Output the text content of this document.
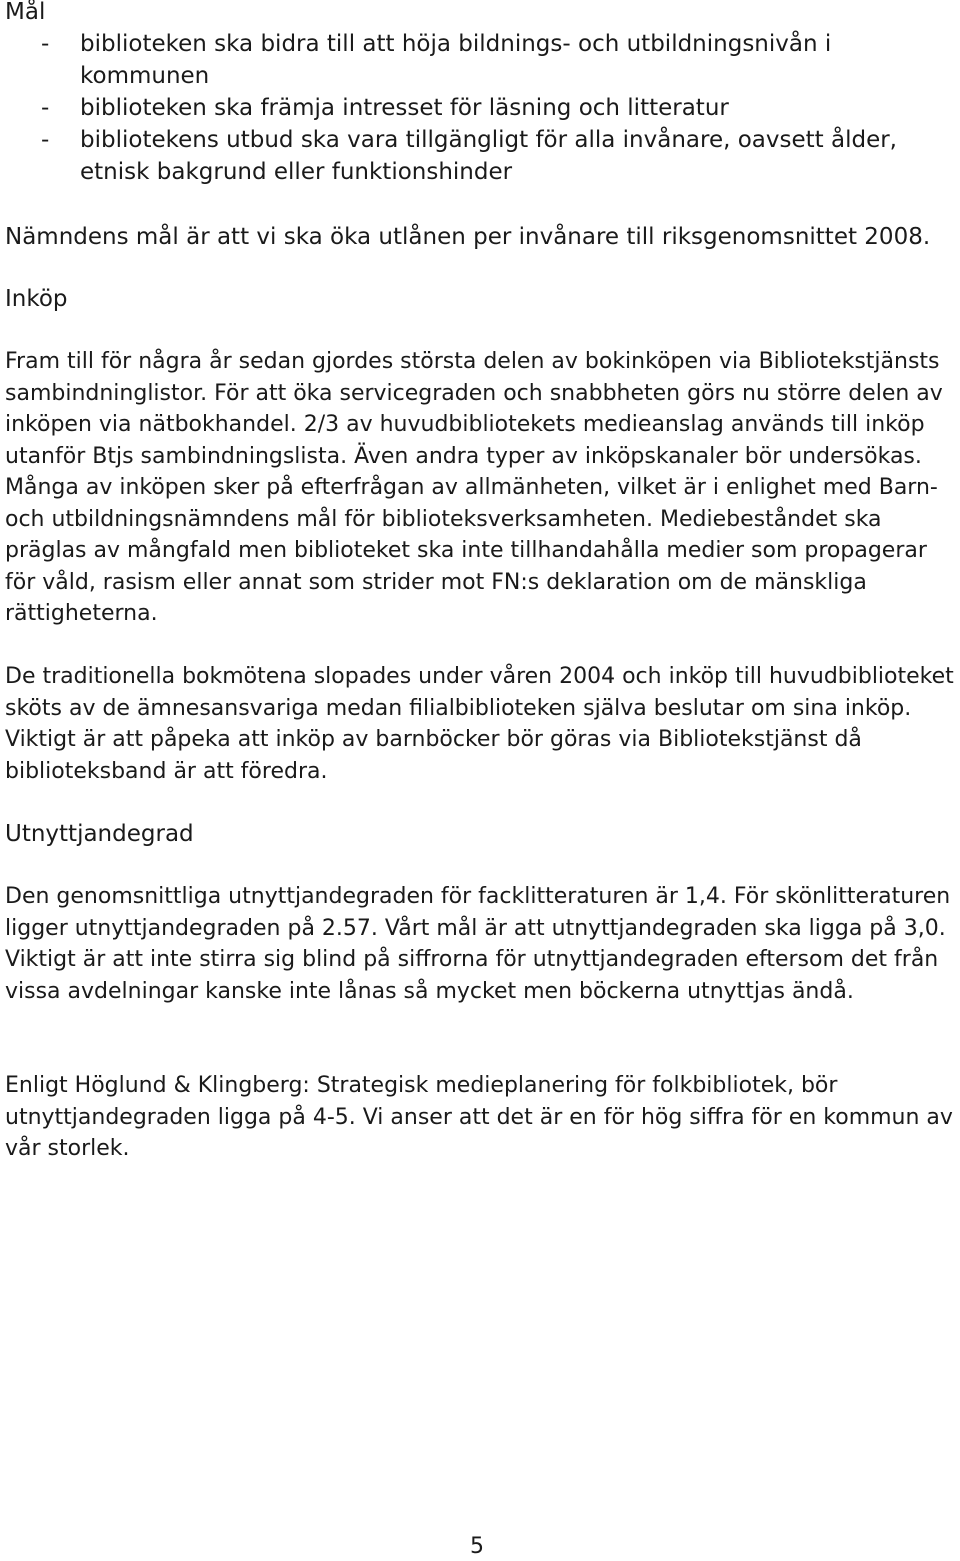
Mål
- biblioteken ska bidra till att höja bildnings- och utbildningsnivån i kommunen
- biblioteken ska främja intresset för läsning och litteratur
- bibliotekens utbud ska vara tillgängligt för alla invånare, oavsett ålder, etnisk bakgrund eller funktionshinder

Nämndens mål är att vi ska öka utlånen per invånare till riksgenomsnittet 2008.

Inköp

Fram till för några år sedan gjordes största delen av bokinköpen via Bibliotekstjänsts sambindninglistor. För att öka servicegraden och snabbheten görs nu större delen av inköpen via nätbokhandel. 2/3 av huvudbibliotekets medieanslag används till inköp utanför Btjs sambindningslista. Även andra typer av inköpskanaler bör undersökas. Många av inköpen sker på efterfrågan av allmänheten, vilket är i enlighet med Barn- och utbildningsnämndens mål för biblioteksverksamheten. Mediebeståndet ska präglas av mångfald men biblioteket ska inte tillhandahålla medier som propagerar för våld, rasism eller annat som strider mot FN:s deklaration om de mänskliga rättigheterna.

De traditionella bokmötena slopades under våren 2004 och inköp till huvudbiblioteket sköts av de ämnesansvariga medan filialbiblioteken själva beslutar om sina inköp. Viktigt är att påpeka att inköp av barnböcker bör göras via Bibliotekstjänst då biblioteksband är att föredra.

Utnyttjandegrad

Den genomsnittliga utnyttjandegraden för facklitteraturen är 1,4. För skönlitteraturen ligger utnyttjandegraden på 2.57. Vårt mål är att utnyttjandegraden ska ligga på 3,0. Viktigt är att inte stirra sig blind på siffrorna för utnyttjandegraden eftersom det från vissa avdelningar kanske inte lånas så mycket men böckerna utnyttjas ändå.

Enligt Höglund & Klingberg: Strategisk medieplanering för folkbibliotek, bör utnyttjandegraden ligga på 4-5. Vi anser att det är en för hög siffra för en kommun av vår storlek.

5
